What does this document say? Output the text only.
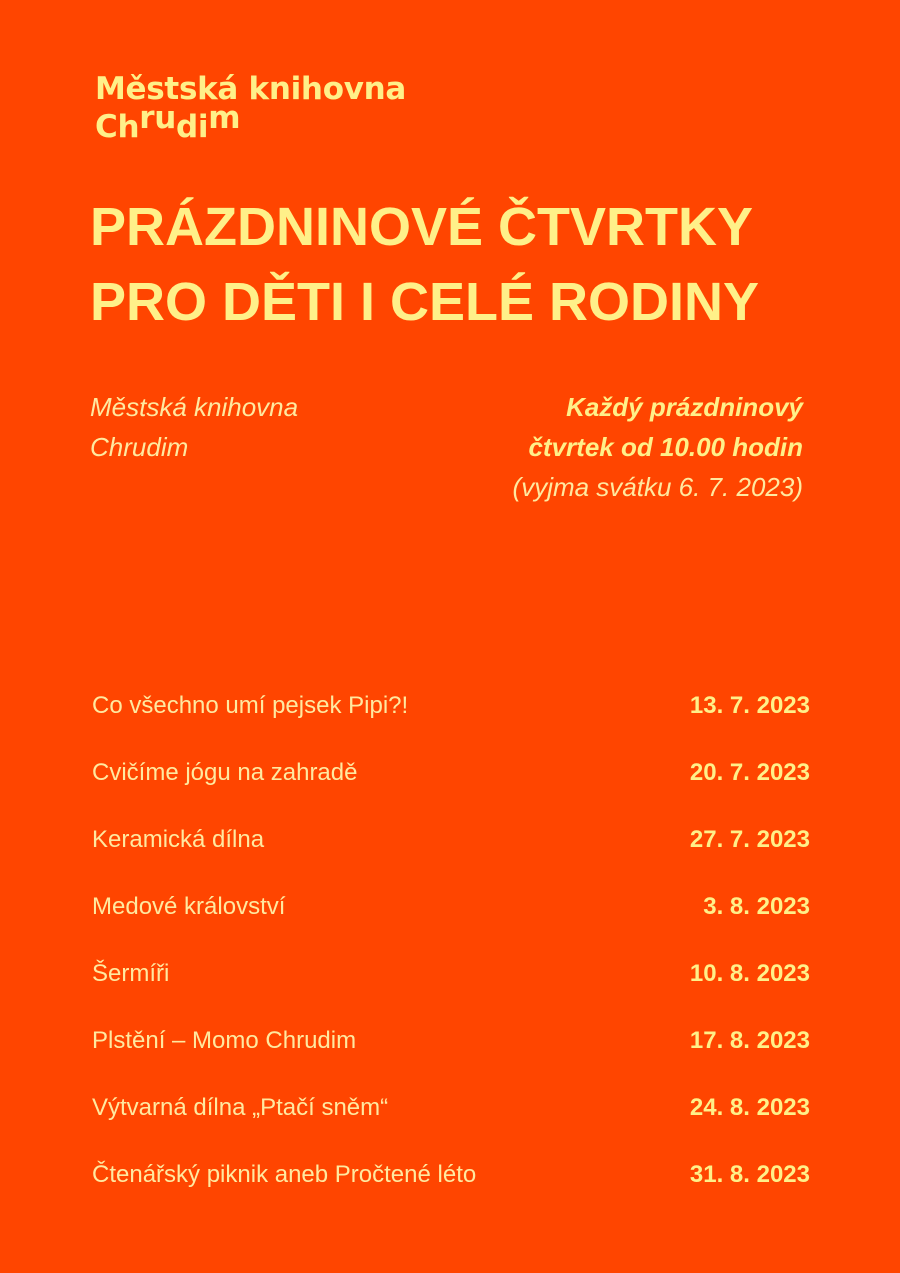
Městská knihovna
Chrudim
PRÁZDNINOVÉ ČTVRTKY
PRO DĚTI I CELÉ RODINY
Městská knihovna
Chrudim
Každý prázdninový
čtvrtek od 10.00 hodin
(vyjma svátku 6. 7. 2023)
Co všechno umí pejsek Pipi?!	13. 7. 2023
Cvičíme jógu na zahradě	20. 7. 2023
Keramická dílna	27. 7. 2023
Medové království	3. 8. 2023
Šermíři	10. 8. 2023
Plstění – Momo Chrudim	17. 8. 2023
Výtvarná dílna „Ptačí sněm“	24. 8. 2023
Čtenářský piknik aneb Pročtené léto	31. 8. 2023
